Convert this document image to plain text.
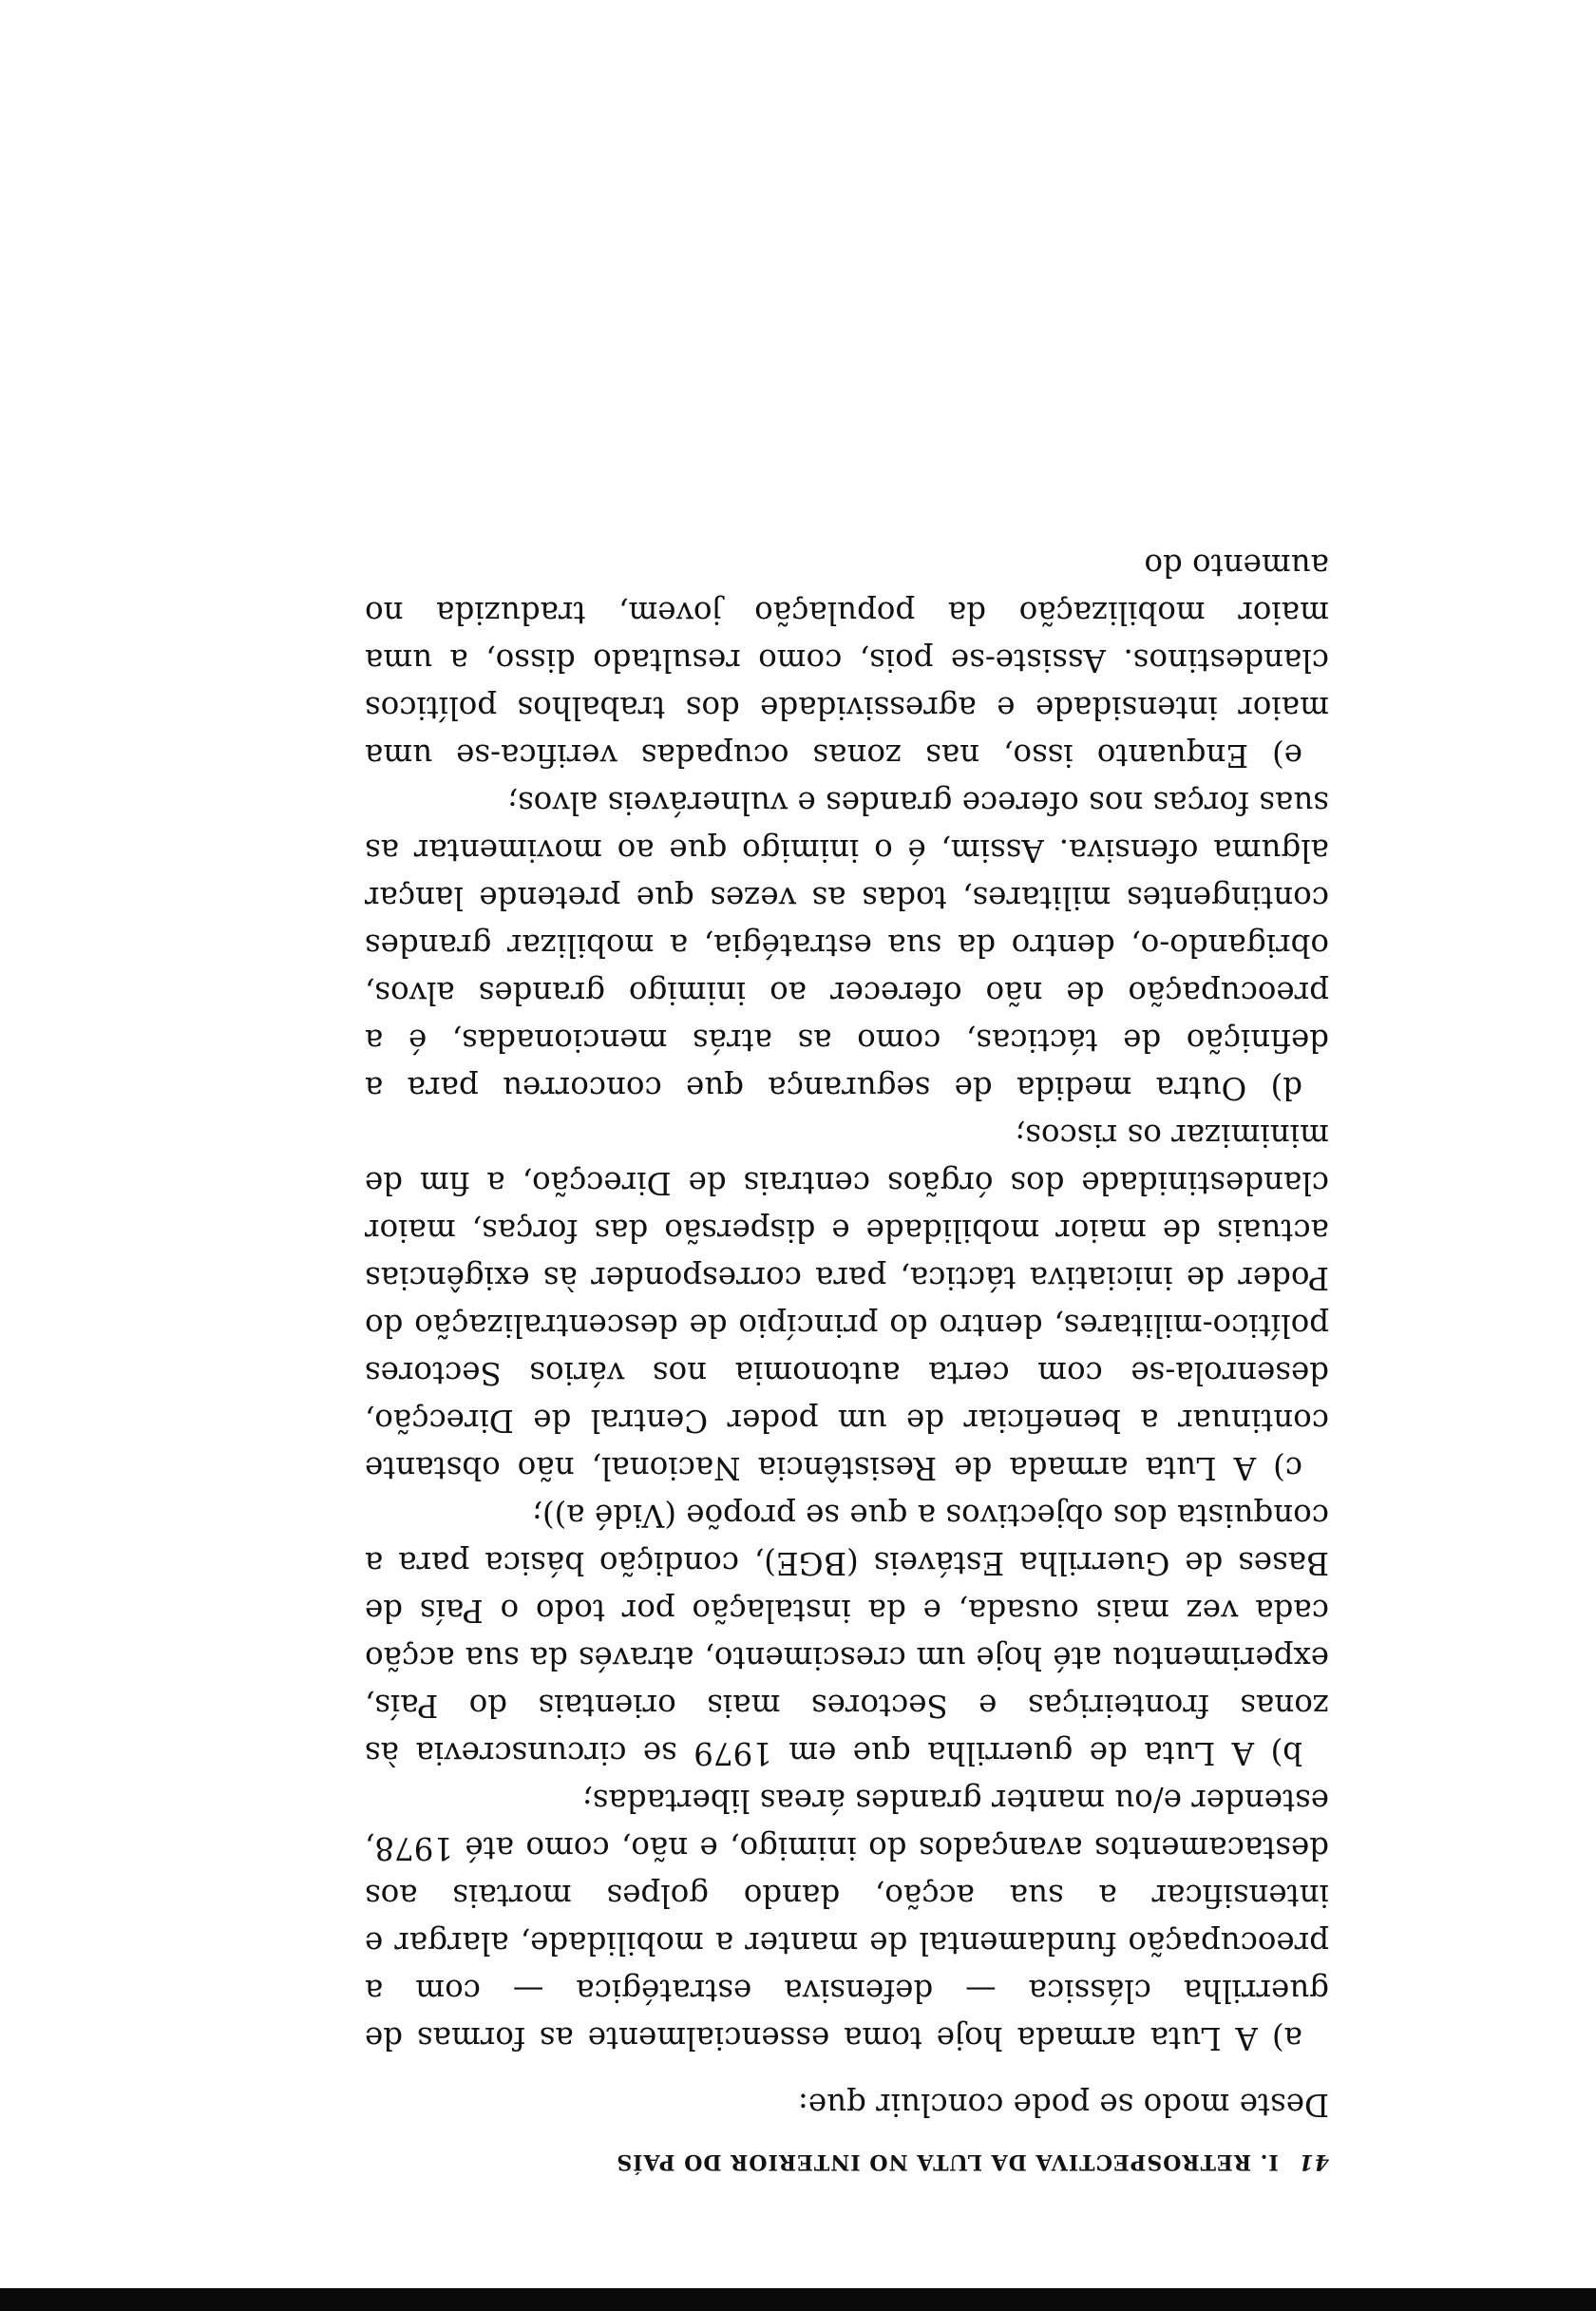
41 I. RETROSPECTIVA DA LUTA NO INTERIOR DO PAÍS

Deste modo se pode concluir que:

a) A Luta armada hoje toma essencialmente as formas de guerrilha clássica — defensiva estratégica — com a preocupação fundamental de manter a mobilidade, alargar e intensificar a sua acção, dando golpes mortais aos destacamentos avançados do inimigo, e não, como até 1978, estender e/ou manter grandes áreas libertadas;

b) A Luta de guerrilha que em 1979 se circunscrevia às zonas fronteiriças e Sectores mais orientais do País, experimentou até hoje um crescimento, através da sua acção cada vez mais ousada, e da instalação por todo o País de Bases de Guerrilha Estáveis (BGE), condição básica para a conquista dos objectivos a que se propõe (Vidé a));

c) A Luta armada de Resistência Nacional, não obstante continuar a beneficiar de um poder Central de Direcção, desenrola-se com certa autonomia nos vários Sectores político-militares, dentro do princípio de descentralização do Poder de iniciativa táctica, para corresponder às exigências actuais de maior mobilidade e dispersão das forças, maior clandestinidade dos órgãos centrais de Direcção, a fim de minimizar os riscos;

d) Outra medida de segurança que concorreu para a definição de tácticas, como as atrás mencionadas, é a preocupação de não oferecer ao inimigo grandes alvos, obrigando-o, dentro da sua estratégia, a mobilizar grandes contingentes militares, todas as vezes que pretende lançar alguma ofensiva. Assim, é o inimigo que ao movimentar as suas forças nos oferece grandes e vulneráveis alvos;

e) Enquanto isso, nas zonas ocupadas verifica-se uma maior intensidade e agressividade dos trabalhos políticos clandestinos. Assiste-se pois, como resultado disso, a uma maior mobilização da população jovem, traduzida no aumento do
